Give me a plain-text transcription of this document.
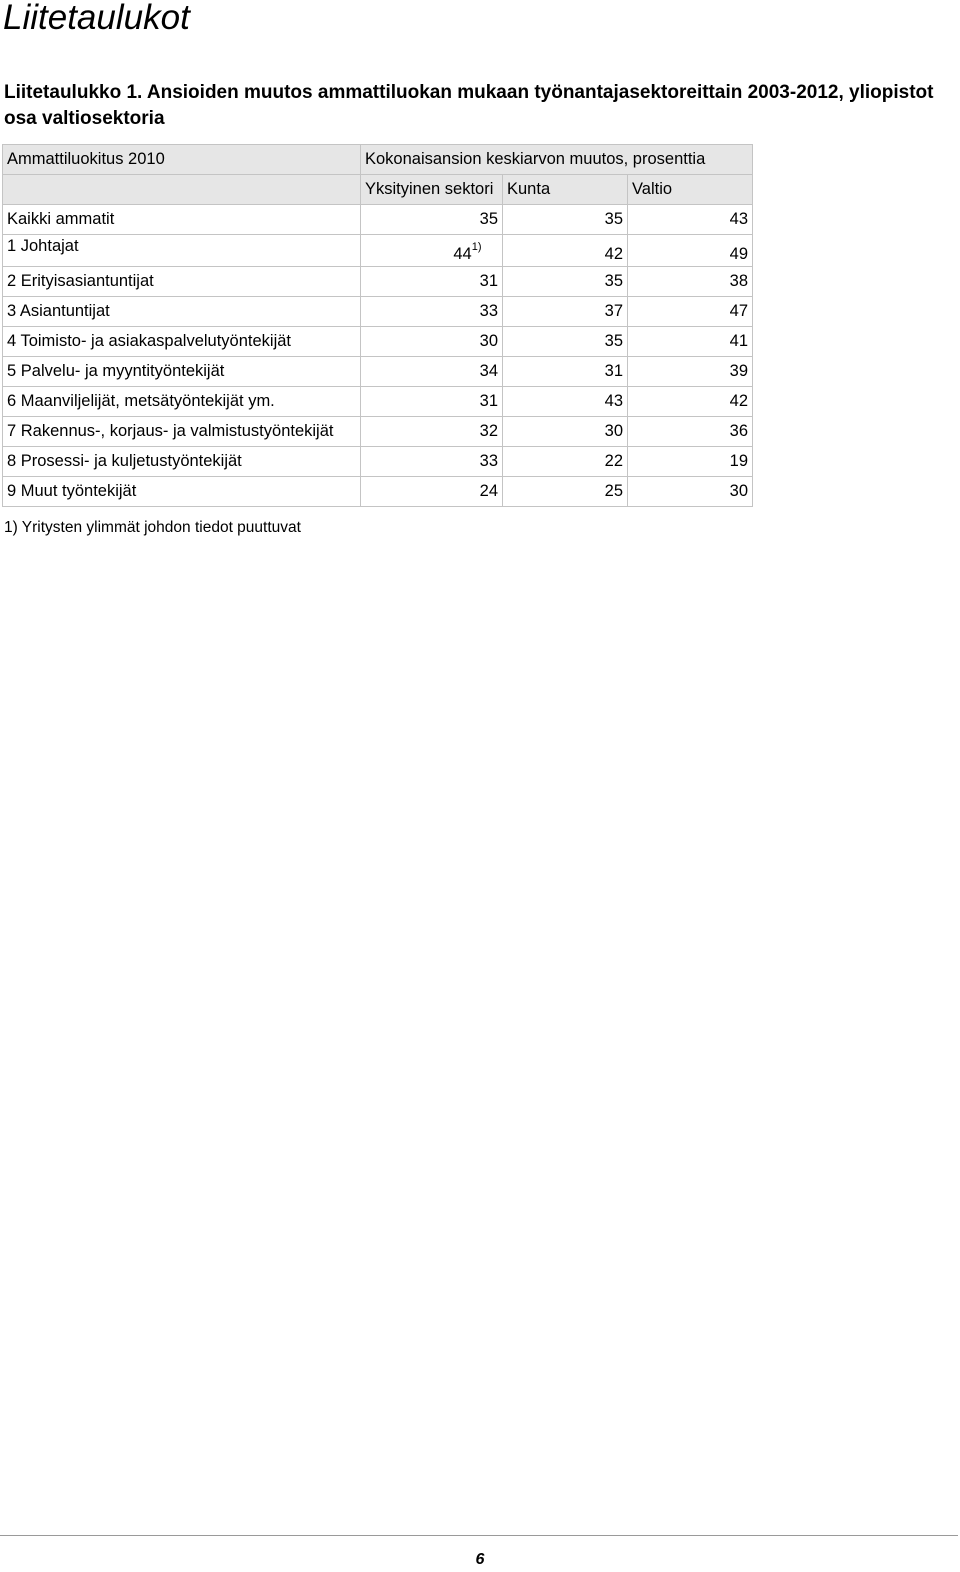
Liitetaulukot

Liitetaulukko 1. Ansioiden muutos ammattiluokan mukaan työnantajasektoreittain 2003-2012, yliopistot osa valtiosektoria

Ammattiluokitus 2010	Kokonaisansion keskiarvon muutos, prosenttia		
	Yksityinen sektori	Kunta	Valtio
Kaikki ammatit	35	35	43
1 Johtajat	44$^{1)}$ 	42	49
2 Erityisasiantuntijat	31	35	38
3 Asiantuntijat	33	37	47
4 Toimisto- ja asiakaspalvelutyöntekijät	30	35	41
5 Palvelu- ja myyntityöntekijät	34	31	39
6 Maanviljelijät, metsätyöntekijät ym.	31	43	42
7 Rakennus-, korjaus- ja valmistustyöntekijät	32	30	36
8 Prosessi- ja kuljetustyöntekijät	33	22	19
9 Muut työntekijät	24	25	30

1) Yritysten ylimmät johdon tiedot puuttuvat

6
